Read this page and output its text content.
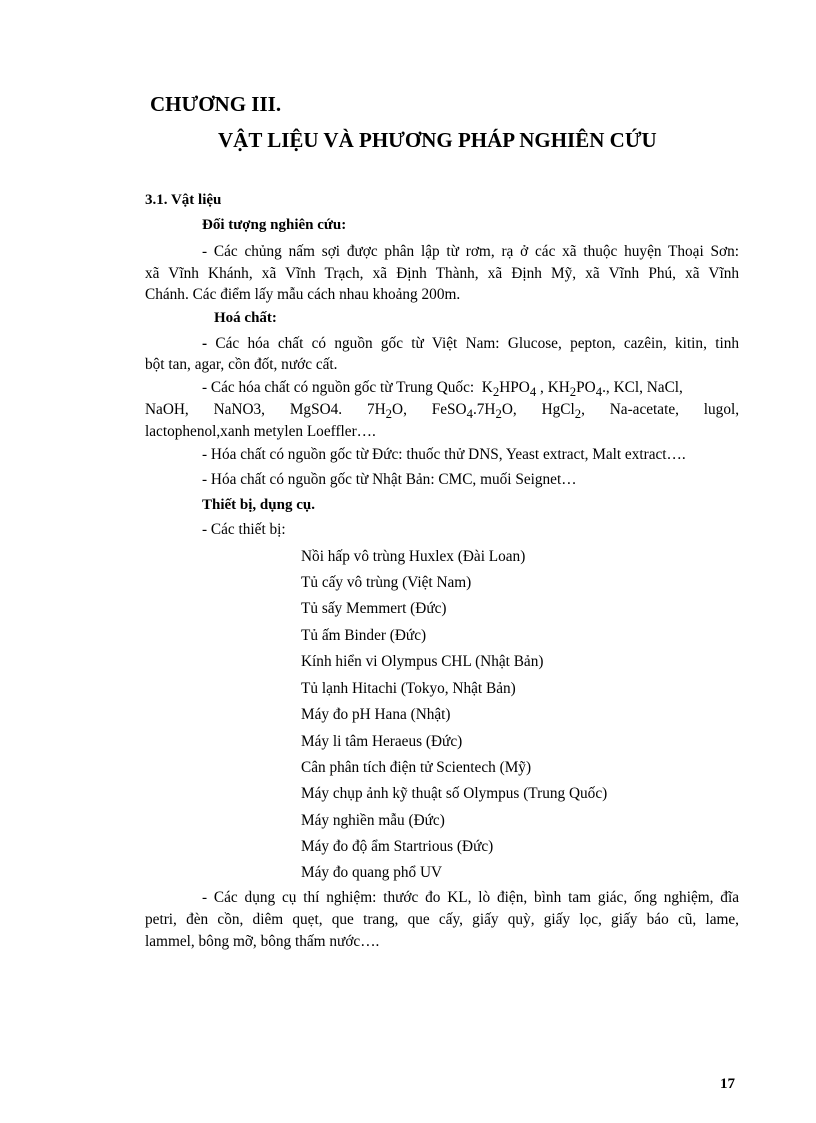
CHƯƠNG III.
VẬT LIỆU VÀ PHƯƠNG PHÁP NGHIÊN CỨU
3.1. Vật liệu
Đối tượng nghiên cứu:
- Các chủng nấm sợi được phân lập từ rơm, rạ ở các xã thuộc huyện Thoại Sơn:
xã Vĩnh Khánh, xã Vĩnh Trạch, xã Định Thành, xã Định Mỹ, xã Vĩnh Phú, xã Vĩnh
Chánh. Các điểm lấy mẫu cách nhau khoảng 200m.
Hoá chất:
- Các hóa chất có nguồn gốc từ Việt Nam: Glucose, pepton, cazêin, kitin, tinh
bột tan, agar, cồn đốt, nước cất.
- Các hóa chất có nguồn gốc từ Trung Quốc: $K_2HPO_4$ , $KH_2PO_4$., KCl, NaCl,
NaOH, NaNO3, MgSO4. $7H_2O$, $FeSO_4.7H_2O$, HgCl$_2$, Na-acetate, lugol,
lactophenol,xanh metylen Loeffler….
- Hóa chất có nguồn gốc từ Đức: thuốc thử DNS, Yeast extract, Malt extract….
- Hóa chất có nguồn gốc từ Nhật Bản: CMC, muối Seignet…
Thiết bị, dụng cụ.
- Các thiết bị:
Nồi hấp vô trùng Huxlex (Đài Loan)
Tủ cấy vô trùng (Việt Nam)
Tủ sấy Memmert (Đức)
Tủ ấm Binder (Đức)
Kính hiển vi Olympus CHL (Nhật Bản)
Tủ lạnh Hitachi (Tokyo, Nhật Bản)
Máy đo pH Hana (Nhật)
Máy li tâm Heraeus (Đức)
Cân phân tích điện tử Scientech (Mỹ)
Máy chụp ảnh kỹ thuật số Olympus (Trung Quốc)
Máy nghiền mẫu (Đức)
Máy đo độ ẩm Startrious (Đức)
Máy đo quang phổ UV
- Các dụng cụ thí nghiệm: thước đo KL, lò điện, bình tam giác, ống nghiệm, đĩa
petri, đèn cồn, diêm quẹt, que trang, que cấy, giấy quỳ, giấy lọc, giấy báo cũ, lame,
lammel, bông mỡ, bông thấm nước….
17
